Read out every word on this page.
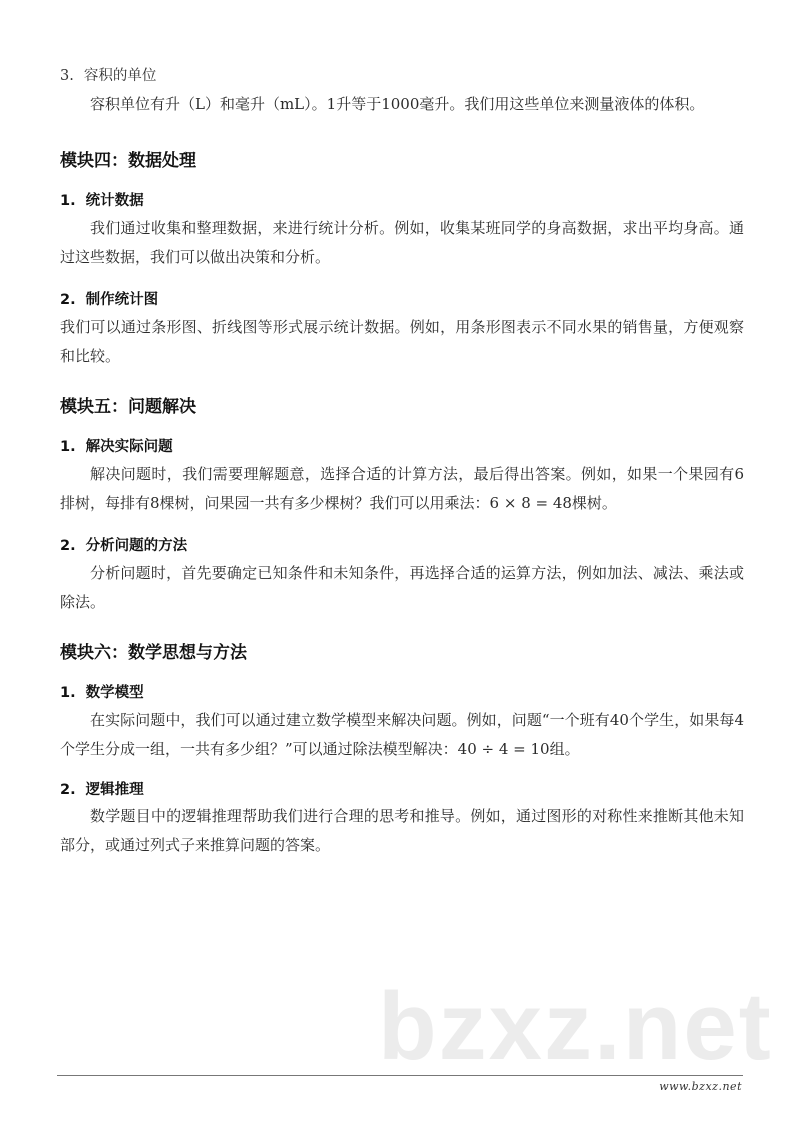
3. 容积的单位

容积单位有升（L）和毫升（mL）。1升等于1000毫升。我们用这些单位来测量液体的体积。

模块四：数据处理
1. 统计数据

我们通过收集和整理数据，来进行统计分析。例如，收集某班同学的身高数据，求出平均身高。通过这些数据，我们可以做出决策和分析。

2. 制作统计图

我们可以通过条形图、折线图等形式展示统计数据。例如，用条形图表示不同水果的销售量，方便观察和比较。

模块五：问题解决
1. 解决实际问题

解决问题时，我们需要理解题意，选择合适的计算方法，最后得出答案。例如，如果一个果园有6排树，每排有8棵树，问果园一共有多少棵树？我们可以用乘法：6 × 8 = 48棵树。

2. 分析问题的方法

分析问题时，首先要确定已知条件和未知条件，再选择合适的运算方法，例如加法、减法、乘法或除法。

模块六：数学思想与方法
1. 数学模型

在实际问题中，我们可以通过建立数学模型来解决问题。例如，问题“一个班有40个学生，如果每4个学生分成一组，一共有多少组？”可以通过除法模型解决：40 ÷ 4 = 10组。

2. 逻辑推理

数学题目中的逻辑推理帮助我们进行合理的思考和推导。例如，通过图形的对称性来推断其他未知部分，或通过列式子来推算问题的答案。

bzxz.net
www.bzxz.net
